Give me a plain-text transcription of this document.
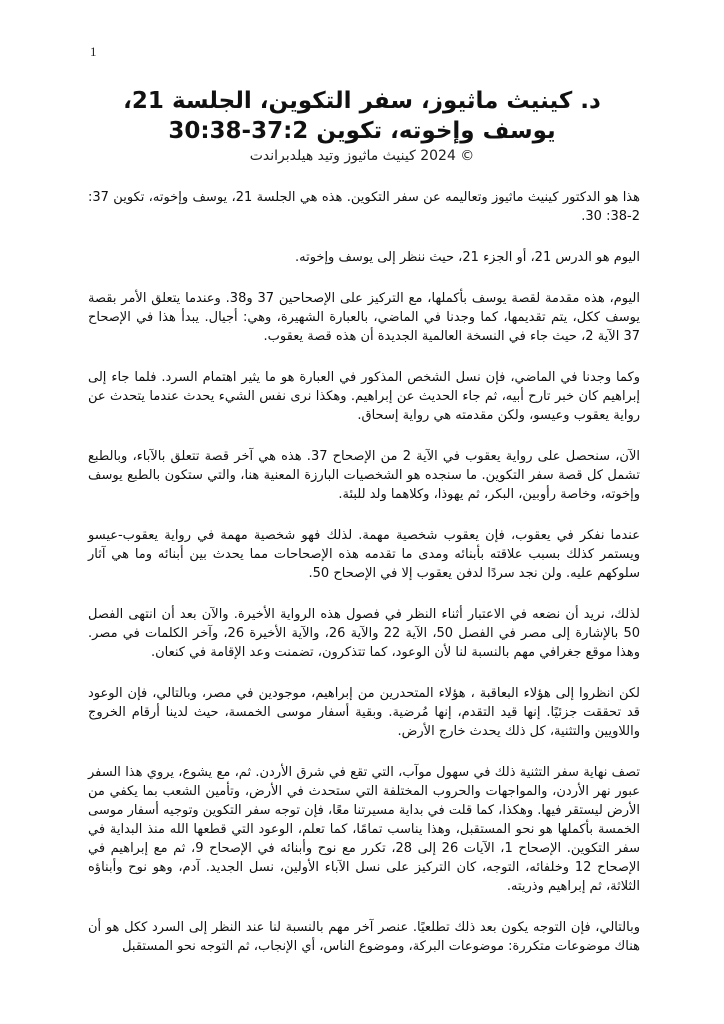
1
د. كينيث ماثيوز، سفر التكوين، الجلسة 21،
يوسف وإخوته، تكوين 37:2-30:38
© 2024 كينيث ماثيوز وتيد هيلدبراندت

هذا هو الدكتور كينيث ماثيوز وتعاليمه عن سفر التكوين. هذه هي الجلسة 21، يوسف وإخوته، تكوين 37: 2-38: 30.

اليوم هو الدرس 21، أو الجزء 21، حيث ننظر إلى يوسف وإخوته.

اليوم، هذه مقدمة لقصة يوسف بأكملها، مع التركيز على الإصحاحين 37 و38. وعندما يتعلق الأمر بقصة يوسف ككل، يتم تقديمها، كما وجدنا في الماضي، بالعبارة الشهيرة، وهي: أجيال. يبدأ هذا في الإصحاح 37 الآية 2، حيث جاء في النسخة العالمية الجديدة أن هذه قصة يعقوب.

وكما وجدنا في الماضي، فإن نسل الشخص المذكور في العبارة هو ما يثير اهتمام السرد. فلما جاء إلى إبراهيم كان خبر تارح أبيه، ثم جاء الحديث عن إبراهيم. وهكذا نرى نفس الشيء يحدث عندما يتحدث عن رواية يعقوب وعيسو، ولكن مقدمته هي رواية إسحاق.

الآن، سنحصل على رواية يعقوب في الآية 2 من الإصحاح 37. هذه هي آخر قصة تتعلق بالآباء، وبالطبع تشمل كل قصة سفر التكوين. ما سنجده هو الشخصيات البارزة المعنية هنا، والتي ستكون بالطبع يوسف وإخوته، وخاصة رأوبين، البكر، ثم يهوذا، وكلاهما ولد للبئة.

عندما نفكر في يعقوب، فإن يعقوب شخصية مهمة. لذلك فهو شخصية مهمة في رواية يعقوب-عيسو ويستمر كذلك بسبب علاقته بأبنائه ومدى ما تقدمه هذه الإصحاحات مما يحدث بين أبنائه وما هي آثار سلوكهم عليه. ولن نجد سردًا لدفن يعقوب إلا في الإصحاح 50.

لذلك، نريد أن نضعه في الاعتبار أثناء النظر في فصول هذه الرواية الأخيرة. والآن بعد أن انتهى الفصل 50 بالإشارة إلى مصر في الفصل 50، الآية 22 والآية 26، والآية الأخيرة 26، وآخر الكلمات في مصر. وهذا موقع جغرافي مهم بالنسبة لنا لأن الوعود، كما تتذكرون، تضمنت وعد الإقامة في كنعان.

لكن انظروا إلى هؤلاء البعاقبة ، هؤلاء المتحدرين من إبراهيم، موجودين في مصر، وبالتالي، فإن الوعود قد تحققت جزئيًا. إنها قيد التقدم، إنها مُرضية. وبقية أسفار موسى الخمسة، حيث لدينا أرقام الخروج واللاويين والتثنية، كل ذلك يحدث خارج الأرض.

تصف نهاية سفر التثنية ذلك في سهول موآب، التي تقع في شرق الأردن. ثم، مع يشوع، يروي هذا السفر عبور نهر الأردن، والمواجهات والحروب المختلفة التي ستحدث في الأرض، وتأمين الشعب بما يكفي من الأرض ليستقر فيها. وهكذا، كما قلت في بداية مسيرتنا معًا، فإن توجه سفر التكوين وتوجيه أسفار موسى الخمسة بأكملها هو نحو المستقبل، وهذا يناسب تمامًا، كما تعلم، الوعود التي قطعها الله منذ البداية في سفر التكوين. الإصحاح 1، الآيات 26 إلى 28، تكرر مع نوح وأبنائه في الإصحاح 9، ثم مع إبراهيم في الإصحاح 12 وخلفائه، التوجه، كان التركيز على نسل الآباء الأولين، نسل الجديد. آدم، وهو نوح وأبناؤه الثلاثة، ثم إبراهيم وذريته.

وبالتالي، فإن التوجه يكون بعد ذلك تطلعيًا. عنصر آخر مهم بالنسبة لنا عند النظر إلى السرد ككل هو أن هناك موضوعات متكررة: موضوعات البركة، وموضوع الناس، أي الإنجاب، ثم التوجه نحو المستقبل
